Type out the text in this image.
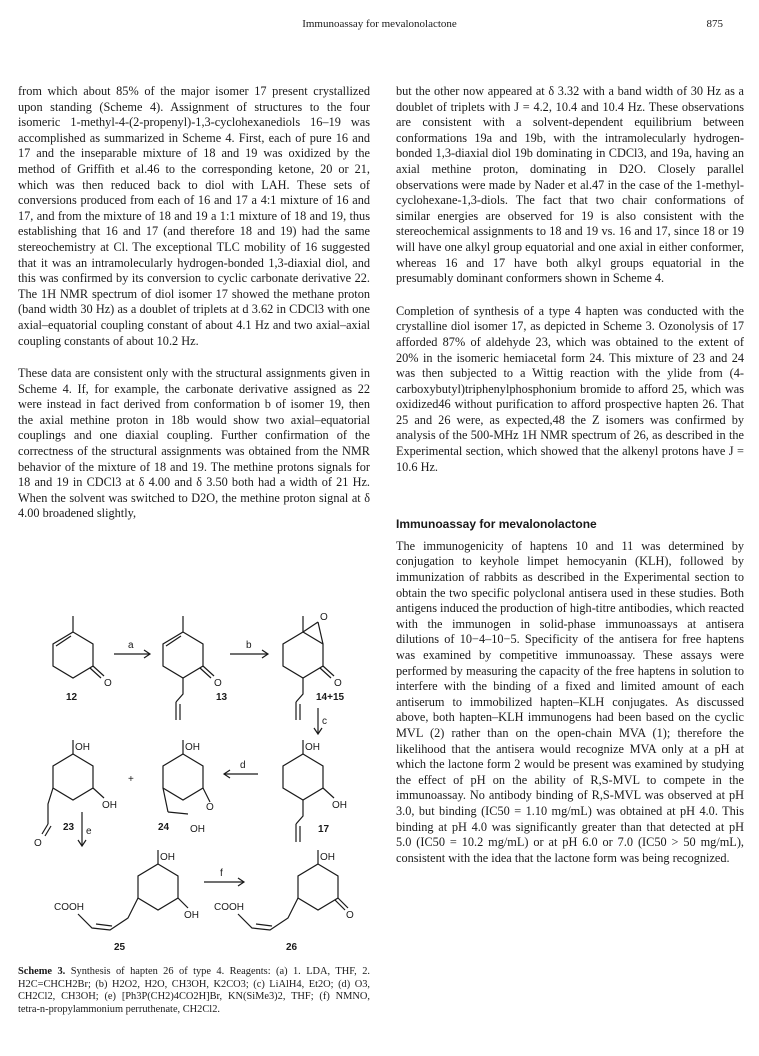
Immunoassay for mevalonolactone	875

from which about 85% of the major isomer 17 present crystallized upon standing (Scheme 4). Assignment of structures to the four isomeric 1-methyl-4-(2-propenyl)-1,3-cyclohexanediols 16–19 was accomplished as summarized in Scheme 4. First, each of pure 16 and 17 and the inseparable mixture of 18 and 19 was oxidized by the method of Griffith et al.46 to the corresponding ketone, 20 or 21, which was then reduced back to diol with LAH. These sets of conversions produced from each of 16 and 17 a 4:1 mixture of 16 and 17, and from the mixture of 18 and 19 a 1:1 mixture of 18 and 19, thus establishing that 16 and 17 (and therefore 18 and 19) had the same stereochemistry at Cl. The exceptional TLC mobility of 16 suggested that it was an intramolecularly hydrogen-bonded 1,3-diaxial diol, and this was confirmed by its conversion to cyclic carbonate derivative 22. The 1H NMR spectrum of diol isomer 17 showed the methane proton (band width 30 Hz) as a doublet of triplets at d 3.62 in CDCl3 with one axial–equatorial coupling constant of about 4.1 Hz and two axial–axial coupling constants of about 10.2 Hz.

These data are consistent only with the structural assignments given in Scheme 4. If, for example, the carbonate derivative assigned as 22 were instead in fact derived from conformation b of isomer 19, then the axial methine proton in 18b would show two axial–equatorial couplings and one diaxial coupling. Further confirmation of the correctness of the structural assignments was obtained from the NMR behavior of the mixture of 18 and 19. The methine protons signals for 18 and 19 in CDCl3 at δ 4.00 and δ 3.50 both had a width of 21 Hz. When the solvent was switched to D2O, the methine proton signal at δ 4.00 broadened slightly,

but the other now appeared at δ 3.32 with a band width of 30 Hz as a doublet of triplets with J = 4.2, 10.4 and 10.4 Hz. These observations are consistent with a solvent-dependent equilibrium between conformations 19a and 19b, with the intramolecularly hydrogen-bonded 1,3-diaxial diol 19b dominating in CDCl3, and 19a, having an axial methine proton, dominating in D2O. Closely parallel observations were made by Nader et al.47 in the case of the 1-methyl-cyclohexane-1,3-diols. The fact that two chair conformations of similar energies are observed for 19 is also consistent with the stereochemical assignments to 18 and 19 vs. 16 and 17, since 18 or 19 will have one alkyl group equatorial and one axial in either conformer, whereas 16 and 17 have both alkyl groups equatorial in the presumably dominant conformers shown in Scheme 4.

Completion of synthesis of a type 4 hapten was conducted with the crystalline diol isomer 17, as depicted in Scheme 3. Ozonolysis of 17 afforded 87% of aldehyde 23, which was obtained to the extent of 20% in the isomeric hemiacetal form 24. This mixture of 23 and 24 was then subjected to a Wittig reaction with the ylide from (4-carboxybutyl)triphenylphosphonium bromide to afford 25, which was oxidized46 without purification to afford prospective hapten 26. That 25 and 26 were, as expected,48 the Z isomers was confirmed by analysis of the 500-MHz 1H NMR spectrum of 26, as described in the Experimental section, which showed that the alkenyl protons have J = 10.6 Hz.

Immunoassay for mevalonolactone

The immunogenicity of haptens 10 and 11 was determined by conjugation to keyhole limpet hemocyanin (KLH), followed by immunization of rabbits as described in the Experimental section to obtain the two specific polyclonal antisera used in these studies. Both antigens induced the production of high-titre antibodies, which reacted with the immunogen in solid-phase immunoassays at antisera dilutions of 10−4–10−5. Specificity of the antisera for free haptens was examined by competitive immunoassay. These assays were performed by measuring the capacity of the free haptens in solution to interfere with the binding of a fixed and limited amount of each antiserum to immobilized hapten–KLH conjugates. As discussed above, both hapten–KLH immunogens had been based on the cyclic MVL (2) rather than on the open-chain MVA (1); therefore the likelihood that the antisera would recognize MVA only at a pH at which the lactone form 2 would be present was examined by studying the effect of pH on the ability of R,S-MVL to compete in the immunoassay. No antibody binding of R,S-MVL was observed at pH 3.0, but binding (IC50 = 1.10 mg/mL) was obtained at pH 4.0. This binding at pH 4.0 was significantly greater than that detected at pH 5.0 (IC50 = 10.2 mg/mL) or at pH 6.0 or 7.0 (IC50 > 50 mg/mL), consistent with the idea that the lactone form was being recognized.

O
12
a
O
13
b
O
O
14+15
c
OH
OH
O
23
+
OH
O
OH
24
d
OH
OH
17
e
OH
OH
COOH
25
f
OH
O
COOH
26
Scheme 3. Synthesis of hapten 26 of type 4. Reagents: (a) 1. LDA, THF, 2. H2C=CHCH2Br; (b) H2O2, H2O, CH3OH, K2CO3; (c) LiAlH4, Et2O; (d) O3, CH2Cl2, CH3OH; (e) [Ph3P(CH2)4CO2H]Br, KN(SiMe3)2, THF; (f) NMNO, tetra-n-propylammonium perruthenate, CH2Cl2.
